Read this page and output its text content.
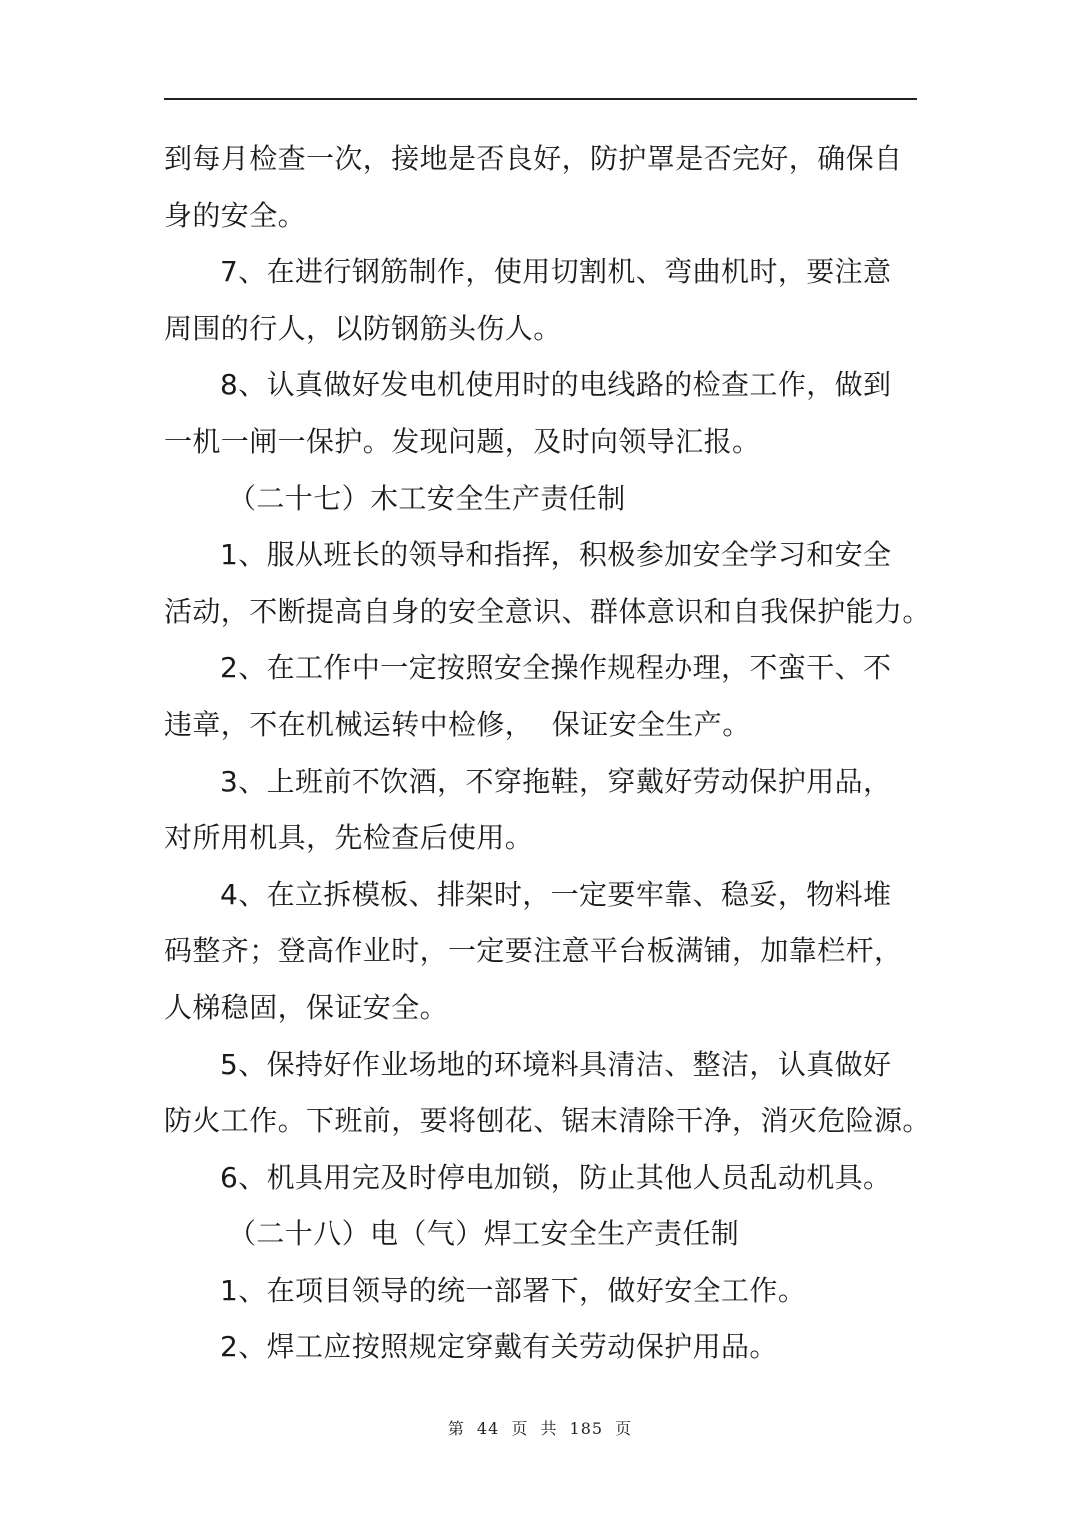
到每月检查一次，接地是否良好，防护罩是否完好，确保自
身的安全。
7、在进行钢筋制作，使用切割机、弯曲机时，要注意
周围的行人，以防钢筋头伤人。
8、认真做好发电机使用时的电线路的检查工作，做到
一机一闸一保护。发现问题，及时向领导汇报。
（二十七）木工安全生产责任制
1、服从班长的领导和指挥，积极参加安全学习和安全
活动，不断提高自身的安全意识、群体意识和自我保护能力。
2、在工作中一定按照安全操作规程办理，不蛮干、不
违章，不在机械运转中检修，  保证安全生产。
3、上班前不饮酒，不穿拖鞋，穿戴好劳动保护用品，
对所用机具，先检查后使用。
4、在立拆模板、排架时，一定要牢靠、稳妥，物料堆
码整齐；登高作业时，一定要注意平台板满铺，加靠栏杆，
人梯稳固，保证安全。
5、保持好作业场地的环境料具清洁、整洁，认真做好
防火工作。下班前，要将刨花、锯末清除干净，消灭危险源。
6、机具用完及时停电加锁，防止其他人员乱动机具。
（二十八）电（气）焊工安全生产责任制
1、在项目领导的统一部署下，做好安全工作。
2、焊工应按照规定穿戴有关劳动保护用品。
第 44 页 共 185 页
